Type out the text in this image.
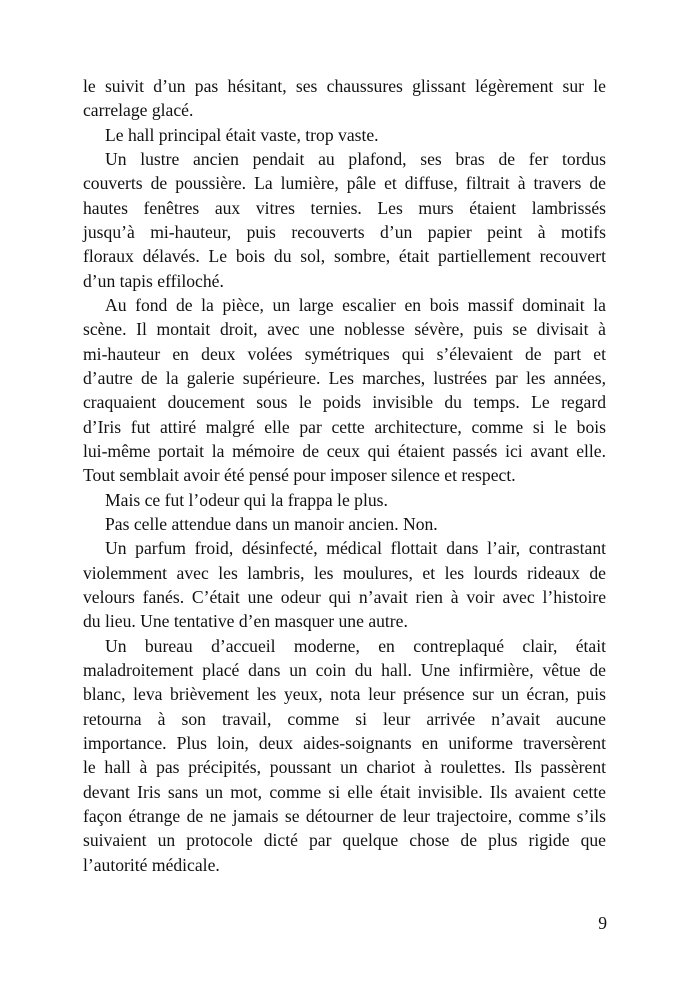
le suivit d’un pas hésitant, ses chaussures glissant légèrement sur le
carrelage glacé.
Le hall principal était vaste, trop vaste.
Un lustre ancien pendait au plafond, ses bras de fer tordus
couverts de poussière. La lumière, pâle et diffuse, filtrait à travers de
hautes fenêtres aux vitres ternies. Les murs étaient lambrissés
jusqu’à mi-hauteur, puis recouverts d’un papier peint à motifs
floraux délavés. Le bois du sol, sombre, était partiellement recouvert
d’un tapis effiloché.
Au fond de la pièce, un large escalier en bois massif dominait la
scène. Il montait droit, avec une noblesse sévère, puis se divisait à
mi-hauteur en deux volées symétriques qui s’élevaient de part et
d’autre de la galerie supérieure. Les marches, lustrées par les années,
craquaient doucement sous le poids invisible du temps. Le regard
d’Iris fut attiré malgré elle par cette architecture, comme si le bois
lui-même portait la mémoire de ceux qui étaient passés ici avant elle.
Tout semblait avoir été pensé pour imposer silence et respect.
Mais ce fut l’odeur qui la frappa le plus.
Pas celle attendue dans un manoir ancien. Non.
Un parfum froid, désinfecté, médical flottait dans l’air, contrastant
violemment avec les lambris, les moulures, et les lourds rideaux de
velours fanés. C’était une odeur qui n’avait rien à voir avec l’histoire
du lieu. Une tentative d’en masquer une autre.
Un bureau d’accueil moderne, en contreplaqué clair, était
maladroitement placé dans un coin du hall. Une infirmière, vêtue de
blanc, leva brièvement les yeux, nota leur présence sur un écran, puis
retourna à son travail, comme si leur arrivée n’avait aucune
importance. Plus loin, deux aides-soignants en uniforme traversèrent
le hall à pas précipités, poussant un chariot à roulettes. Ils passèrent
devant Iris sans un mot, comme si elle était invisible. Ils avaient cette
façon étrange de ne jamais se détourner de leur trajectoire, comme s’ils
suivaient un protocole dicté par quelque chose de plus rigide que
l’autorité médicale.
9
